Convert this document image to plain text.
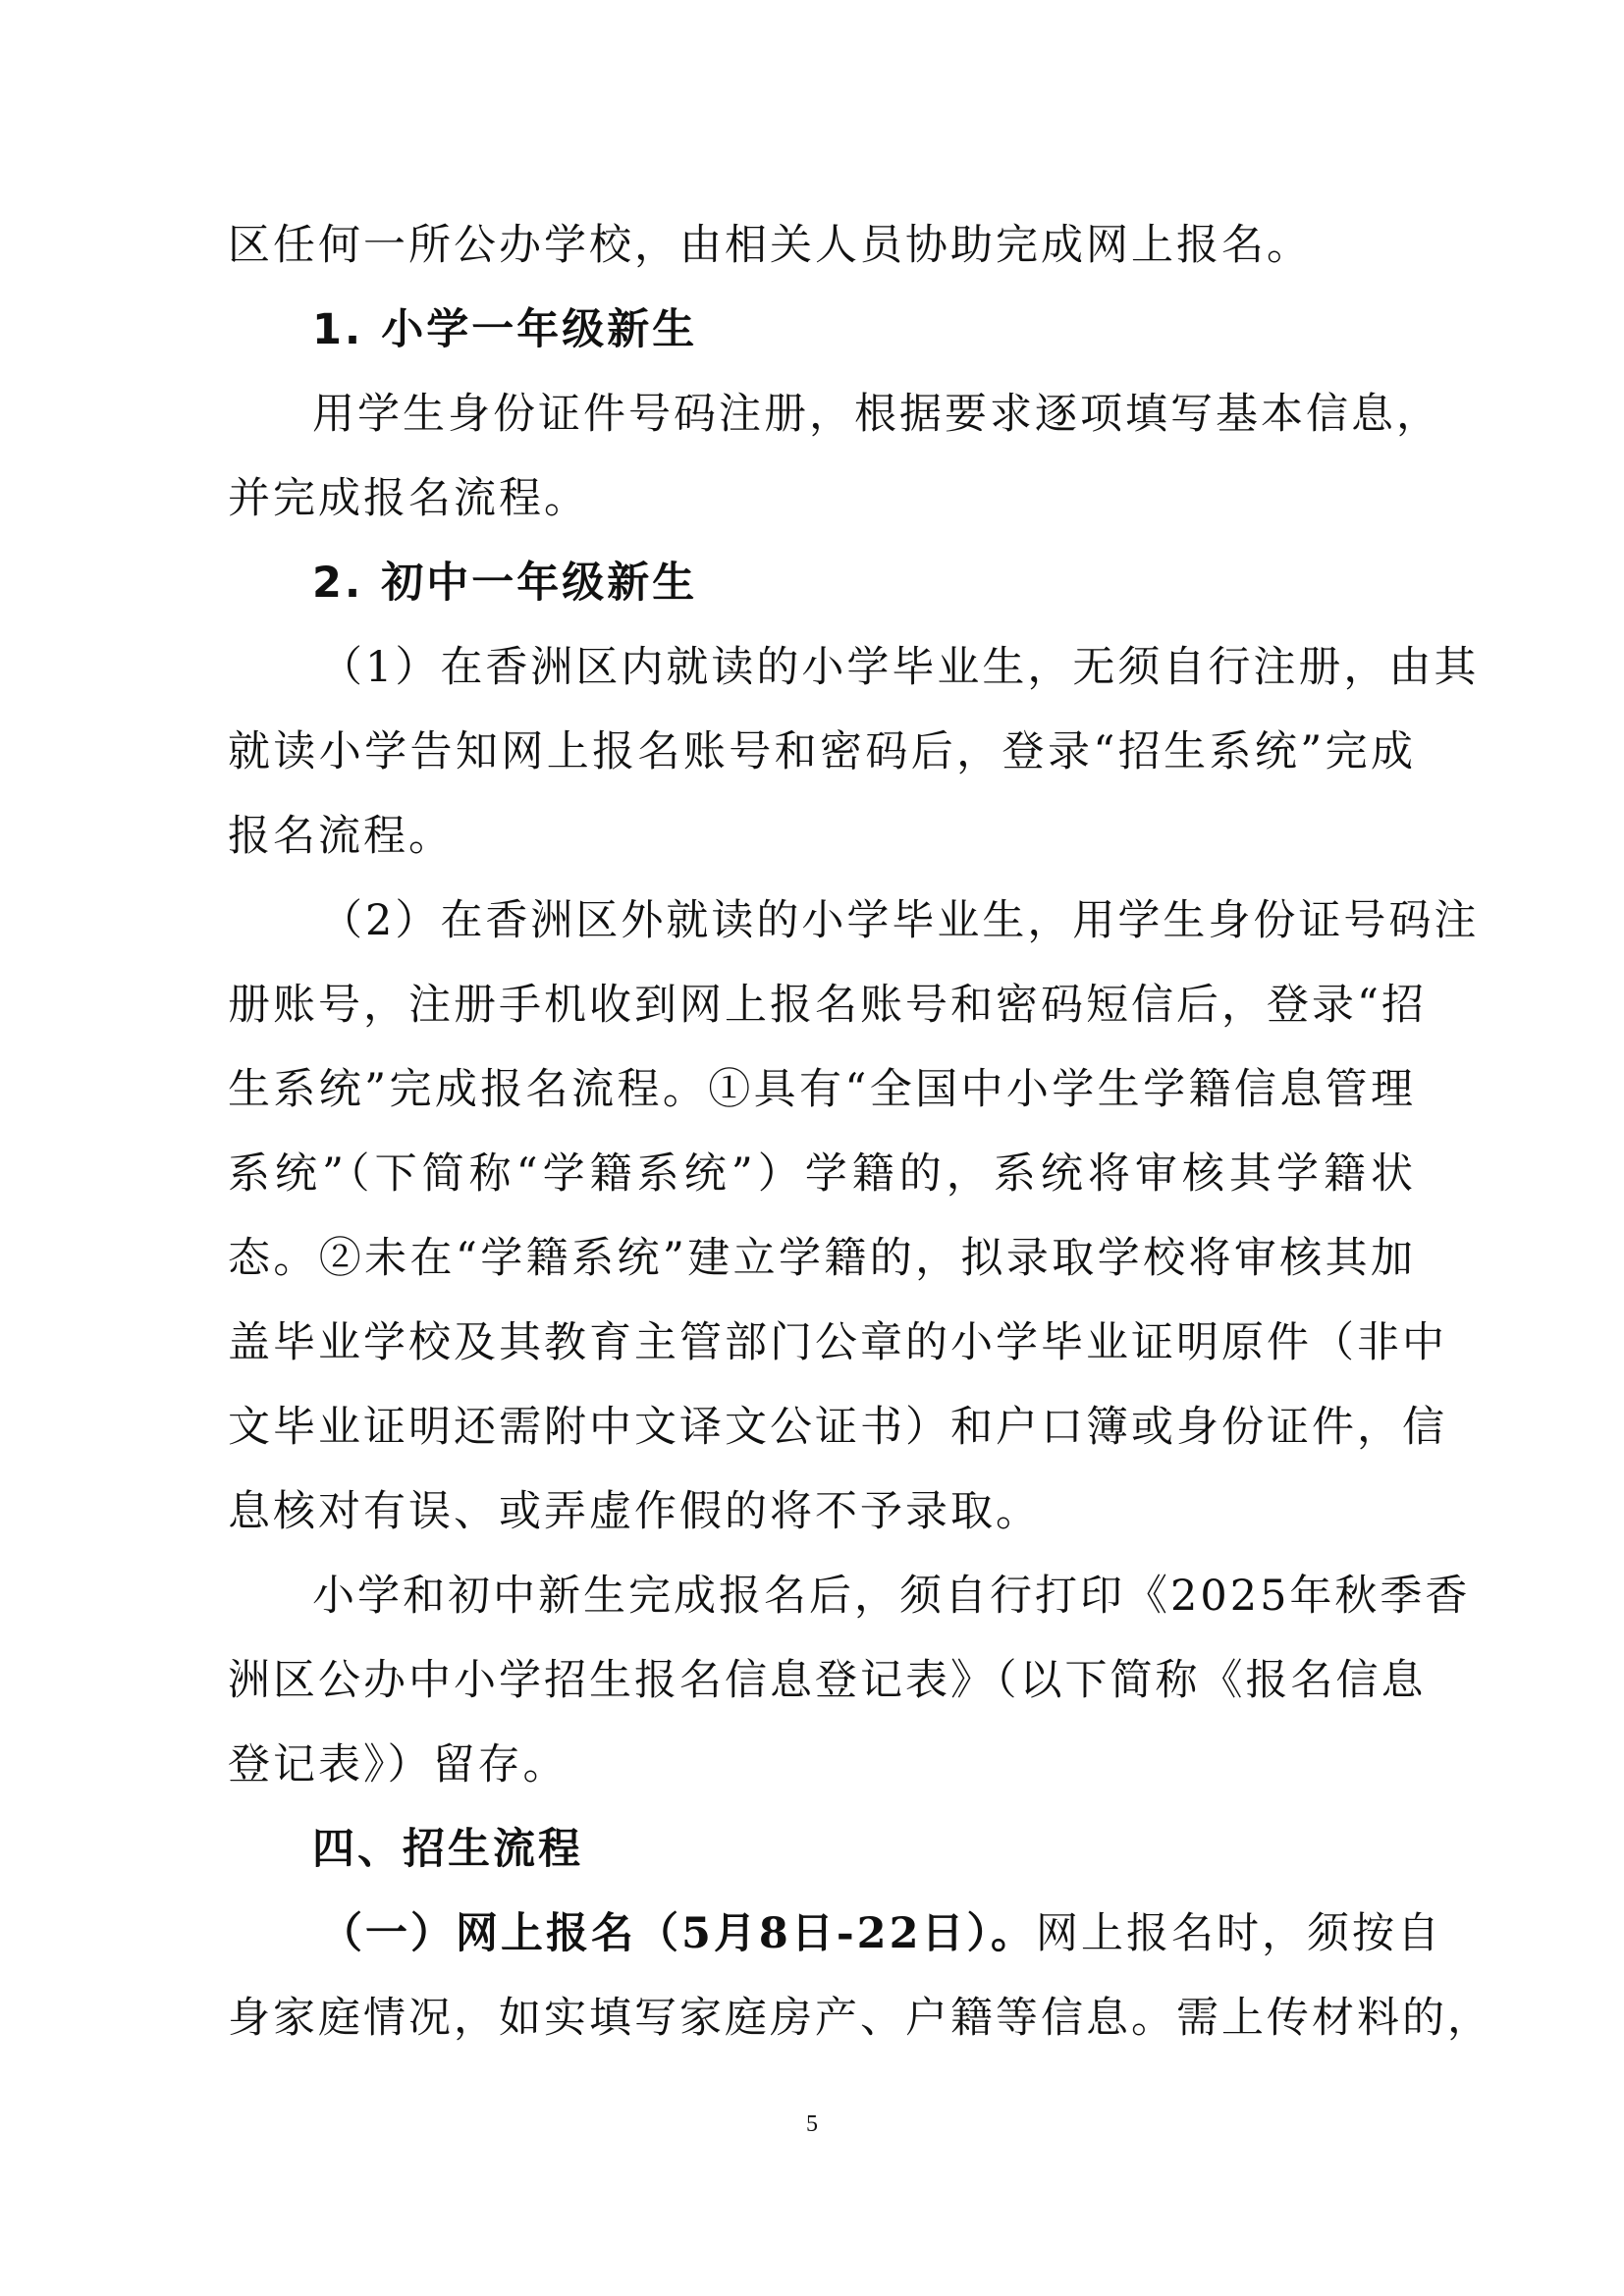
区任何一所公办学校，由相关人员协助完成网上报名。
1. 小学一年级新生
用学生身份证件号码注册，根据要求逐项填写基本信息，
并完成报名流程。
2. 初中一年级新生
（1）在香洲区内就读的小学毕业生，无须自行注册，由其
就读小学告知网上报名账号和密码后，登录“招生系统”完成
报名流程。
（2）在香洲区外就读的小学毕业生，用学生身份证号码注
册账号，注册手机收到网上报名账号和密码短信后，登录“招
生系统”完成报名流程。①具有“全国中小学生学籍信息管理
系统”（下简称“学籍系统”）学籍的，系统将审核其学籍状
态。②未在“学籍系统”建立学籍的，拟录取学校将审核其加
盖毕业学校及其教育主管部门公章的小学毕业证明原件（非中
文毕业证明还需附中文译文公证书）和户口簿或身份证件，信
息核对有误、或弄虚作假的将不予录取。
小学和初中新生完成报名后，须自行打印《2025年秋季香
洲区公办中小学招生报名信息登记表》（以下简称《报名信息
登记表》）留存。
四、招生流程
（一）网上报名（5月8日-22日）。网上报名时，须按自
身家庭情况，如实填写家庭房产、户籍等信息。需上传材料的，
5
